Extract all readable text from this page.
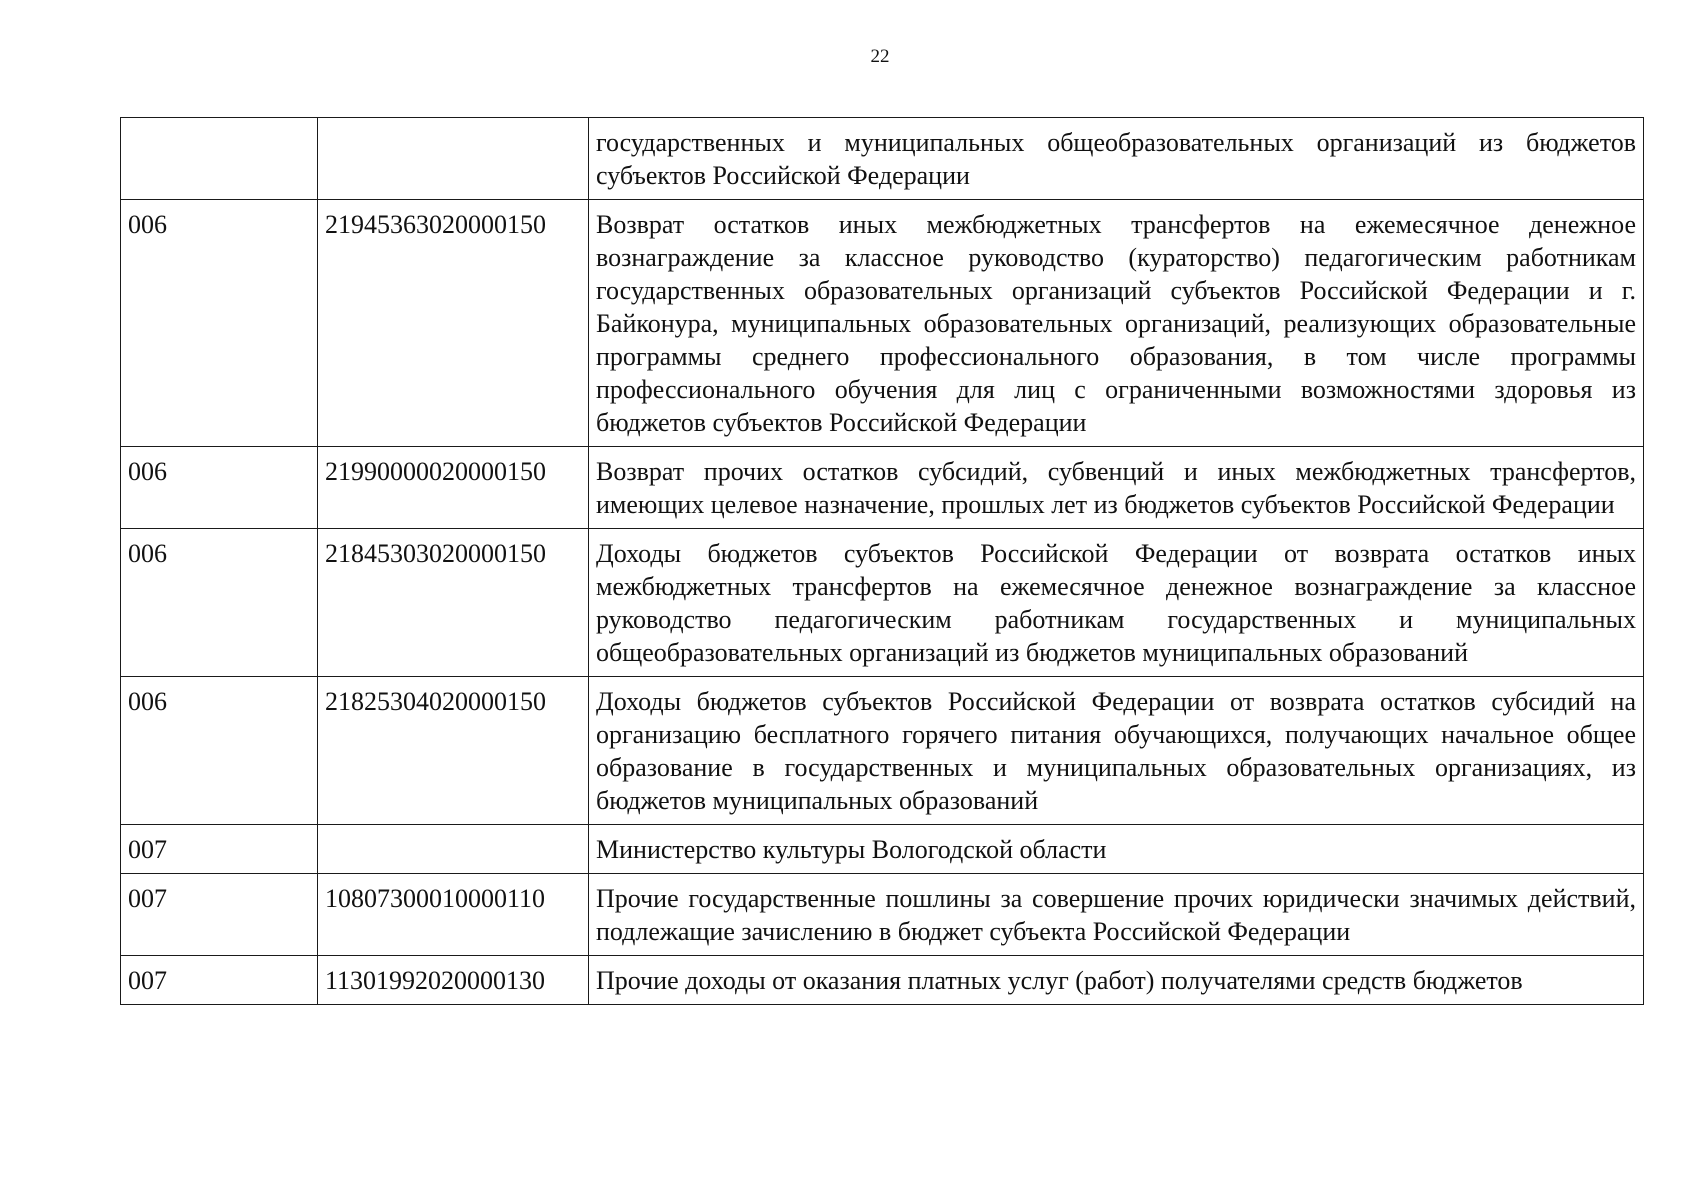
22
		государственных и муниципальных общеобразовательных организаций из бюджетов субъектов Российской Федерации
006	21945363020000150	Возврат остатков иных межбюджетных трансфертов на ежемесячное денежное вознаграждение за классное руководство (кураторство) педагогическим работникам государственных образовательных организаций субъектов Российской Федерации и г. Байконура, муниципальных образовательных организаций, реализующих образовательные программы среднего профессионального образования, в том числе программы профессионального обучения для лиц с ограниченными возможностями здоровья из бюджетов субъектов Российской Федерации
006	21990000020000150	Возврат прочих остатков субсидий, субвенций и иных межбюджетных трансфертов, имеющих целевое назначение, прошлых лет из бюджетов субъектов Российской Федерации
006	21845303020000150	Доходы бюджетов субъектов Российской Федерации от возврата остатков иных межбюджетных трансфертов на ежемесячное денежное вознаграждение за классное руководство педагогическим работникам государственных и муниципальных общеобразовательных организаций из бюджетов муниципальных образований
006	21825304020000150	Доходы бюджетов субъектов Российской Федерации от возврата остатков субсидий на организацию бесплатного горячего питания обучающихся, получающих начальное общее образование в государственных и муниципальных образовательных организациях, из бюджетов муниципальных образований
007		Министерство культуры Вологодской области
007	10807300010000110	Прочие государственные пошлины за совершение прочих юридически значимых действий, подлежащие зачислению в бюджет субъекта Российской Федерации
007	11301992020000130	Прочие доходы от оказания платных услуг (работ) получателями средств бюджетов
